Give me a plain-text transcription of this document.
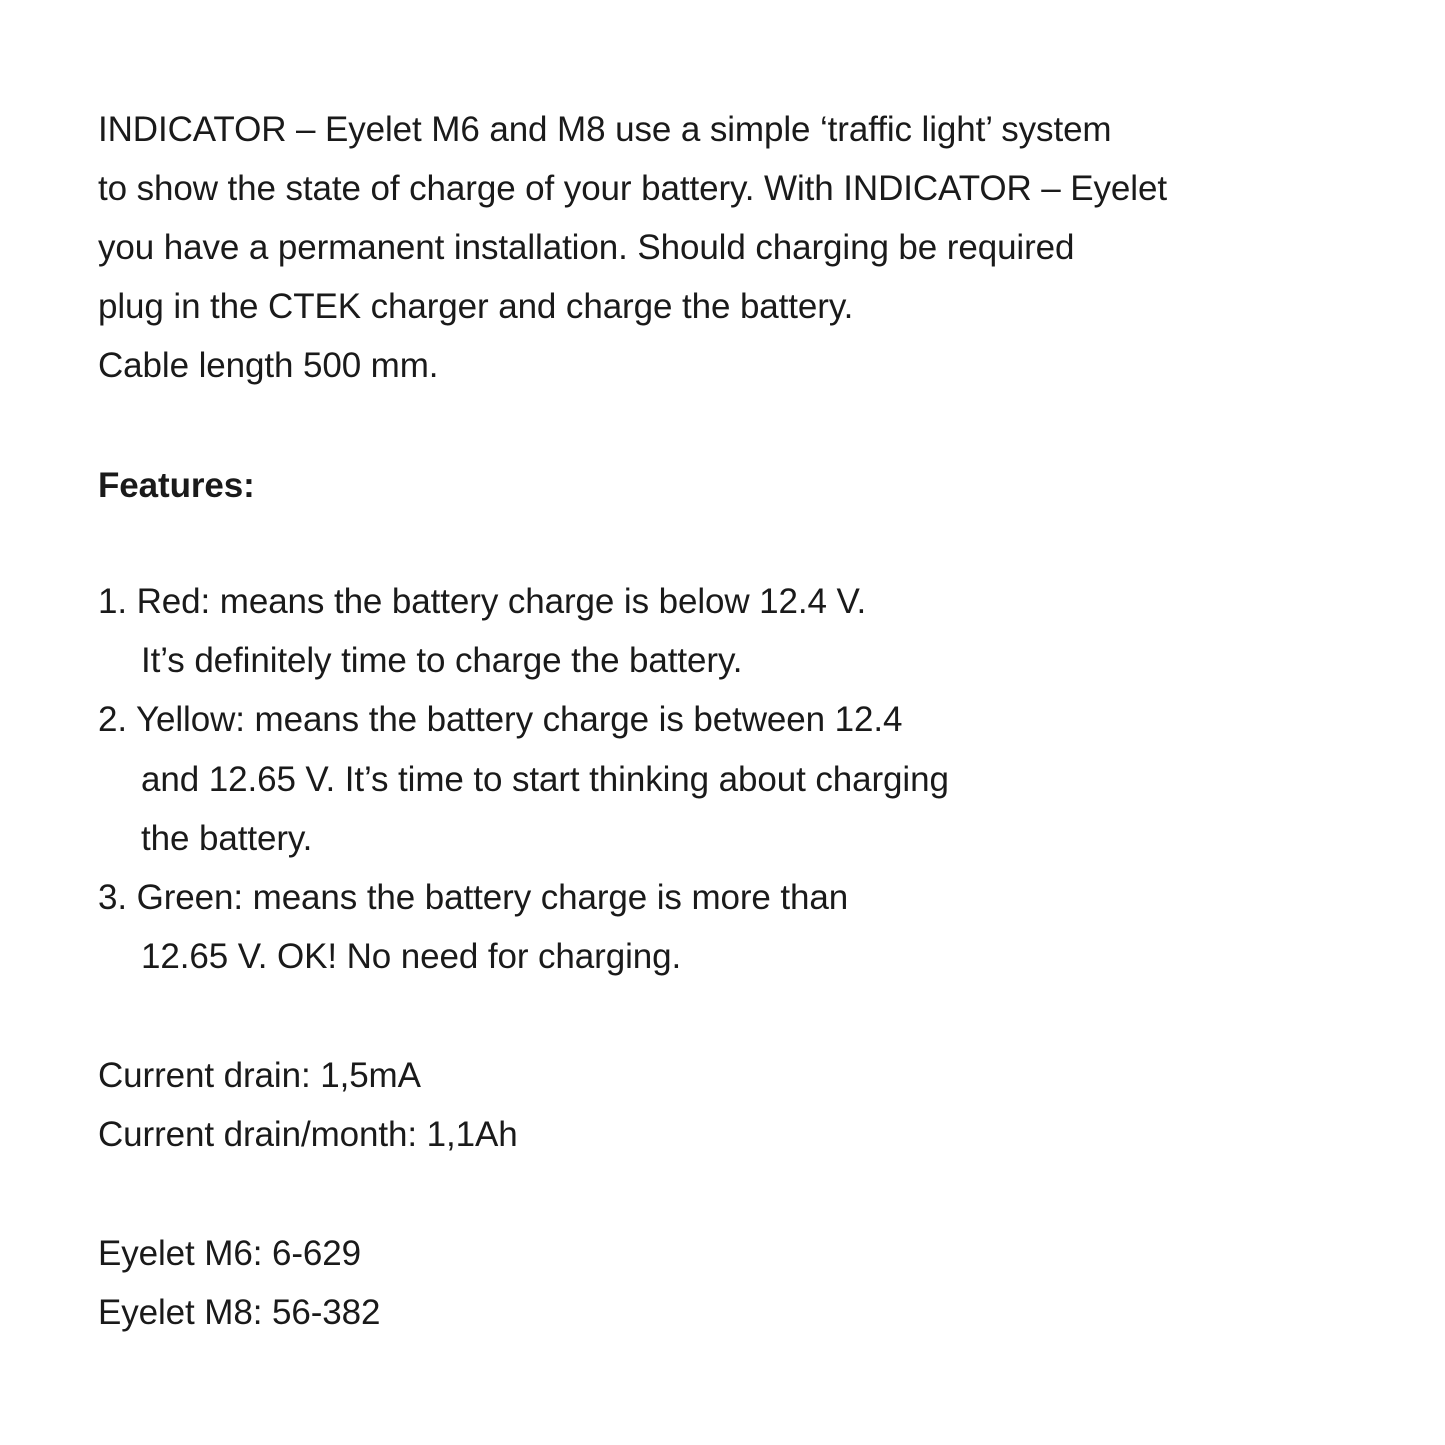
INDICATOR – Eyelet M6 and M8 use a simple ‘traffic light’ system
to show the state of charge of your battery. With INDICATOR – Eyelet
you have a permanent installation. Should charging be required
plug in the CTEK charger and charge the battery.
Cable length 500 mm.
Features:
1. Red: means the battery charge is below 12.4 V.
It’s definitely time to charge the battery.
2. Yellow: means the battery charge is between 12.4
and 12.65 V. It’s time to start thinking about charging
the battery.
3. Green: means the battery charge is more than
12.65 V. OK! No need for charging.
Current drain: 1,5mA
Current drain/month: 1,1Ah
Eyelet M6: 6-629
Eyelet M8: 56-382
